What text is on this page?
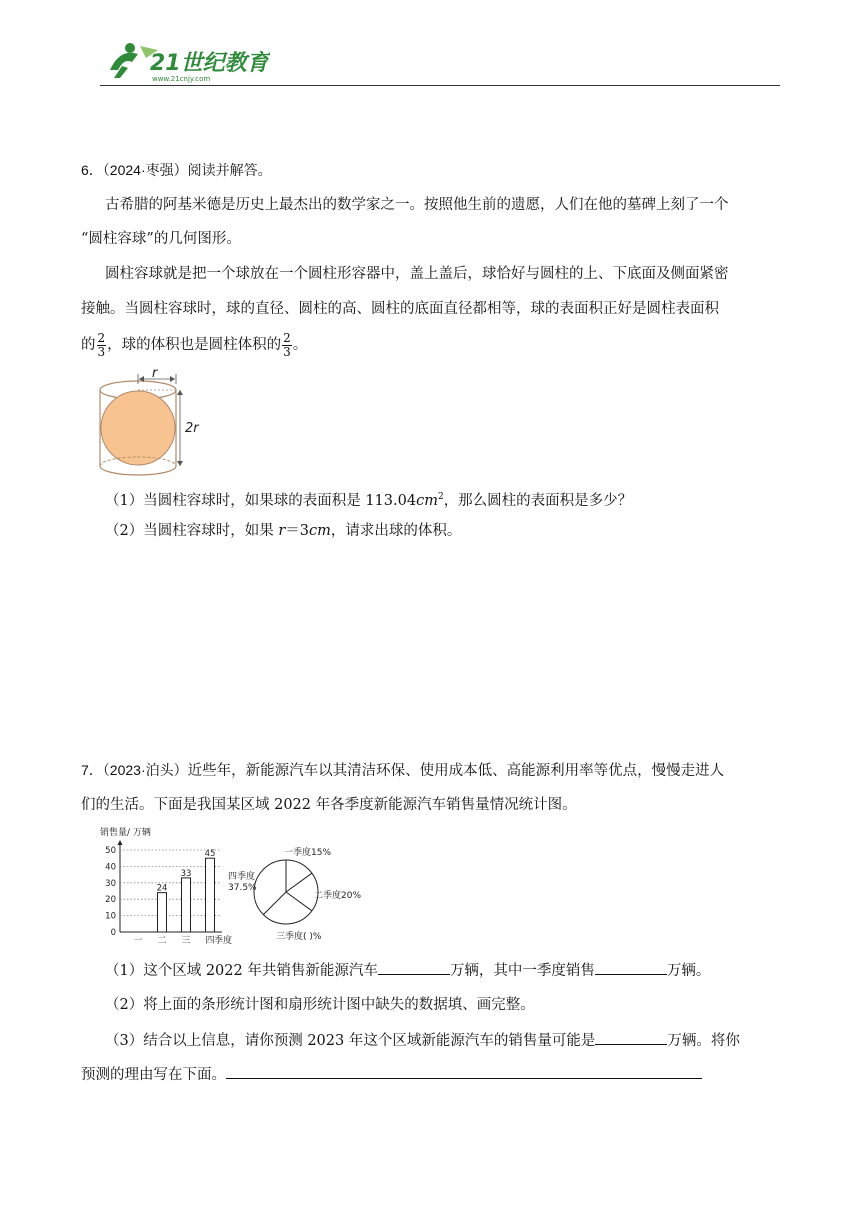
21世纪教育
www.21cnjy.com
6．（2024·枣强）阅读并解答。
古希腊的阿基米德是历史上最杰出的数学家之一。按照他生前的遗愿，人们在他的墓碑上刻了一个
“圆柱容球”的几何图形。
圆柱容球就是把一个球放在一个圆柱形容器中，盖上盖后，球恰好与圆柱的上、下底面及侧面紧密
接触。当圆柱容球时，球的直径、圆柱的高、圆柱的底面直径都相等，球的表面积正好是圆柱表面积
的 $\frac{2}{3}$ ，球的体积也是圆柱体积的 $\frac{2}{3}$ 。
r
2r
（1）当圆柱容球时，如果球的表面积是 $113.04cm^2$，那么圆柱的表面积是多少？
（2）当圆柱容球时，如果 r＝3cm，请求出球的体积。
7．（2023·泊头）近些年，新能源汽车以其清洁环保、使用成本低、高能源利用率等优点，慢慢走进人
们的生活。下面是我国某区域 2022 年各季度新能源汽车销售量情况统计图。
销售量/ 万辆
季度
0
10
20
30
40
50
24
33
45
一 二 三 四
一季度15%
二季度20%
三季度( )%
四季度
37.5%
（1）这个区域 2022 年共销售新能源汽车	万辆，其中一季度销售	万辆。
（2）将上面的条形统计图和扇形统计图中缺失的数据填、画完整。
（3）结合以上信息，请你预测 2023 年这个区域新能源汽车的销售量可能是	万辆。将你
预测的理由写在下面。
